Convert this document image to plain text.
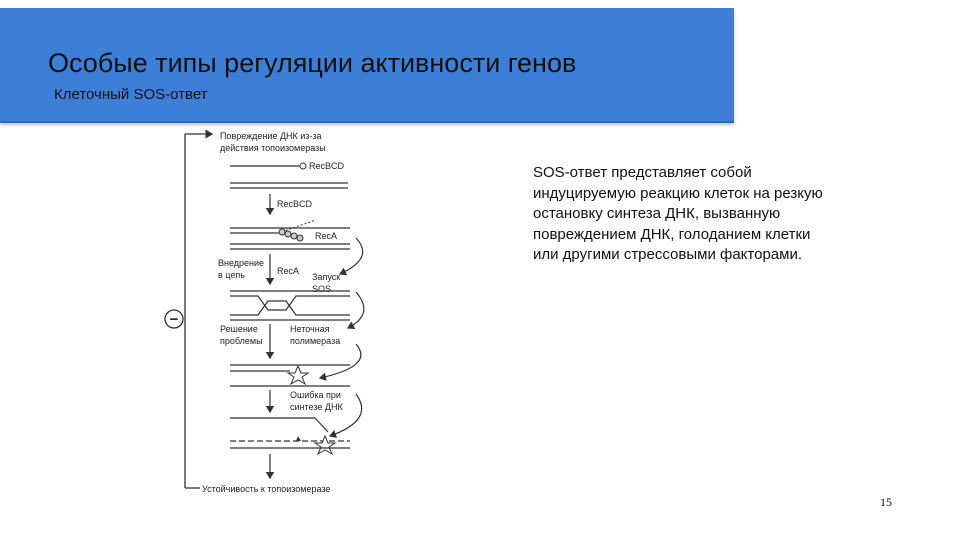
Особые типы регуляции активности генов
Клеточный SOS-ответ
−
Повреждение ДНК из-за
действия топоизомеразы
RecBCD
RecBCD
RecA
Внедрение
в цепь	RecA
Запуск
SOS
Решение
проблемы
Неточная
полимераза
Ошибка при
синтезе ДНК
Устойчивость к топоизомеразе
SOS-ответ представляет собой индуцируемую реакцию клеток на резкую остановку синтеза ДНК, вызванную повреждением ДНК, голоданием клетки или другими стрессовыми факторами.
15
